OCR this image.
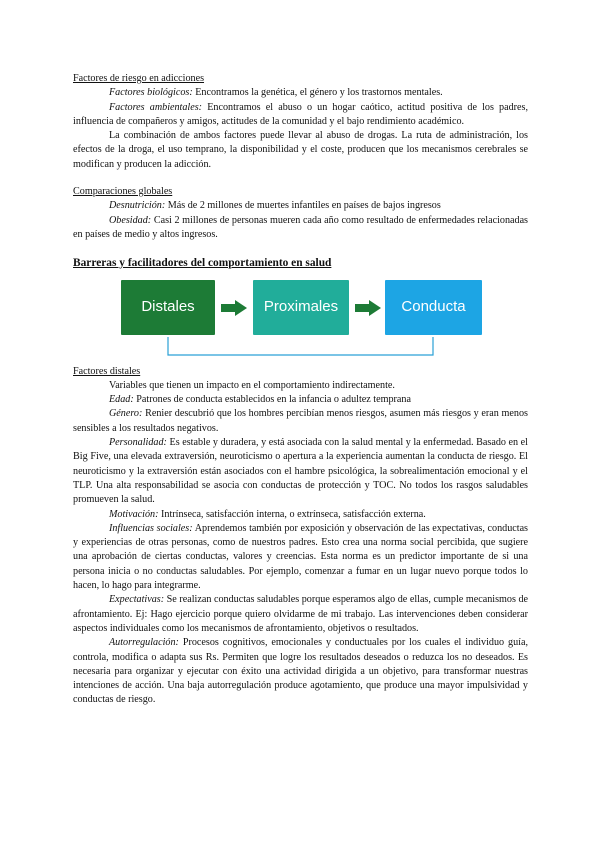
Factores de riesgo en adicciones

Factores biológicos: Encontramos la genética, el género y los trastornos mentales.

Factores ambientales: Encontramos el abuso o un hogar caótico, actitud positiva de los padres, influencia de compañeros y amigos, actitudes de la comunidad y el bajo rendimiento académico.

La combinación de ambos factores puede llevar al abuso de drogas. La ruta de administración, los efectos de la droga, el uso temprano, la disponibilidad y el coste, producen que los mecanismos cerebrales se modifican y producen la adicción.

Comparaciones globales

Desnutrición: Más de 2 millones de muertes infantiles en países de bajos ingresos

Obesidad: Casi 2 millones de personas mueren cada año como resultado de enfermedades relacionadas en países de medio y altos ingresos.

Barreras y facilitadores del comportamiento en salud

Distales	Proximales	Conducta

Factores distales

Variables que tienen un impacto en el comportamiento indirectamente.

Edad: Patrones de conducta establecidos en la infancia o adultez temprana

Género: Renier descubrió que los hombres percibían menos riesgos, asumen más riesgos y eran menos sensibles a los resultados negativos.

Personalidad: Es estable y duradera, y está asociada con la salud mental y la enfermedad. Basado en el Big Five, una elevada extraversión, neuroticismo o apertura a la experiencia aumentan la conducta de riesgo. El neuroticismo y la extraversión están asociados con el hambre psicológica, la sobrealimentación emocional y el TLP. Una alta responsabilidad se asocia con conductas de protección y TOC. No todos los rasgos saludables promueven la salud.

Motivación: Intrínseca, satisfacción interna, o extrínseca, satisfacción externa.

Influencias sociales: Aprendemos también por exposición y observación de las expectativas, conductas y experiencias de otras personas, como de nuestros padres. Esto crea una norma social percibida, que sugiere una aprobación de ciertas conductas, valores y creencias. Esta norma es un predictor importante de si una persona inicia o no conductas saludables. Por ejemplo, comenzar a fumar en un lugar nuevo porque todos lo hacen, lo hago para integrarme.

Expectativas: Se realizan conductas saludables porque esperamos algo de ellas, cumple mecanismos de afrontamiento. Ej: Hago ejercicio porque quiero olvidarme de mi trabajo. Las intervenciones deben considerar aspectos individuales como los mecanismos de afrontamiento, objetivos o resultados.

Autorregulación: Procesos cognitivos, emocionales y conductuales por los cuales el individuo guía, controla, modifica o adapta sus Rs. Permiten que logre los resultados deseados o reduzca los no deseados. Es necesaria para organizar y ejecutar con éxito una actividad dirigida a un objetivo, para transformar nuestras intenciones de acción. Una baja autorregulación produce agotamiento, que produce una mayor impulsividad y conductas de riesgo.
